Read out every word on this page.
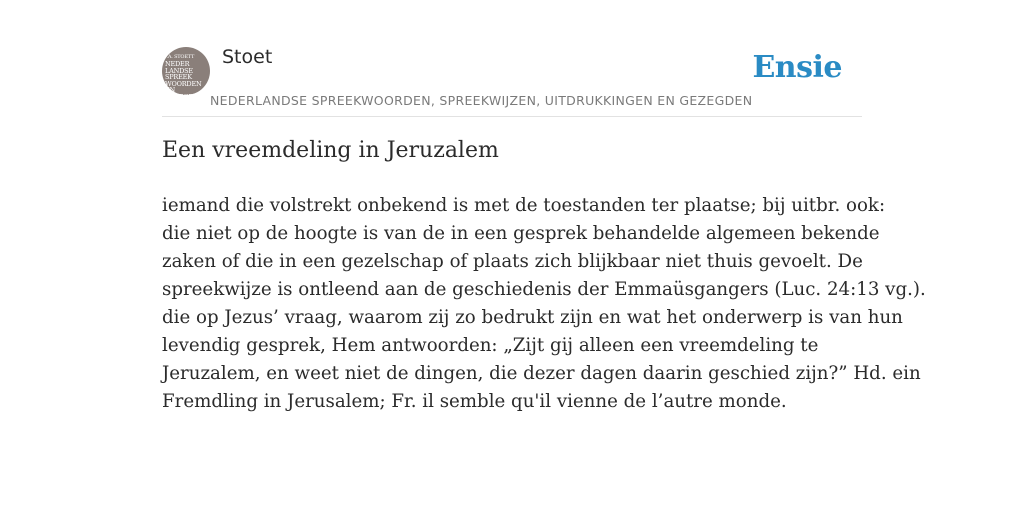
F.A. STOETT
NEDER
LANDSE
SPREEK
WOORDEN EN
GEZEGDEN
Stoet
NEDERLANDSE SPREEKWOORDEN, SPREEKWIJZEN, UITDRUKKINGEN EN GEZEGDEN
Ensie
Een vreemdeling in Jeruzalem

iemand die volstrekt onbekend is met de toestanden ter plaatse; bij uitbr. ook:
die niet op de hoogte is van de in een gesprek behandelde algemeen bekende
zaken of die in een gezelschap of plaats zich blijkbaar niet thuis gevoelt. De
spreekwijze is ontleend aan de geschiedenis der Emmaüsgangers (Luc. 24:13 vg.).
die op Jezus’ vraag, waarom zij zo bedrukt zijn en wat het onderwerp is van hun
levendig gesprek, Hem antwoorden: „Zijt gij alleen een vreemdeling te
Jeruzalem, en weet niet de dingen, die dezer dagen daarin geschied zijn?” Hd. ein
Fremdling in Jerusalem; Fr. il semble qu'il vienne de l’autre monde.
